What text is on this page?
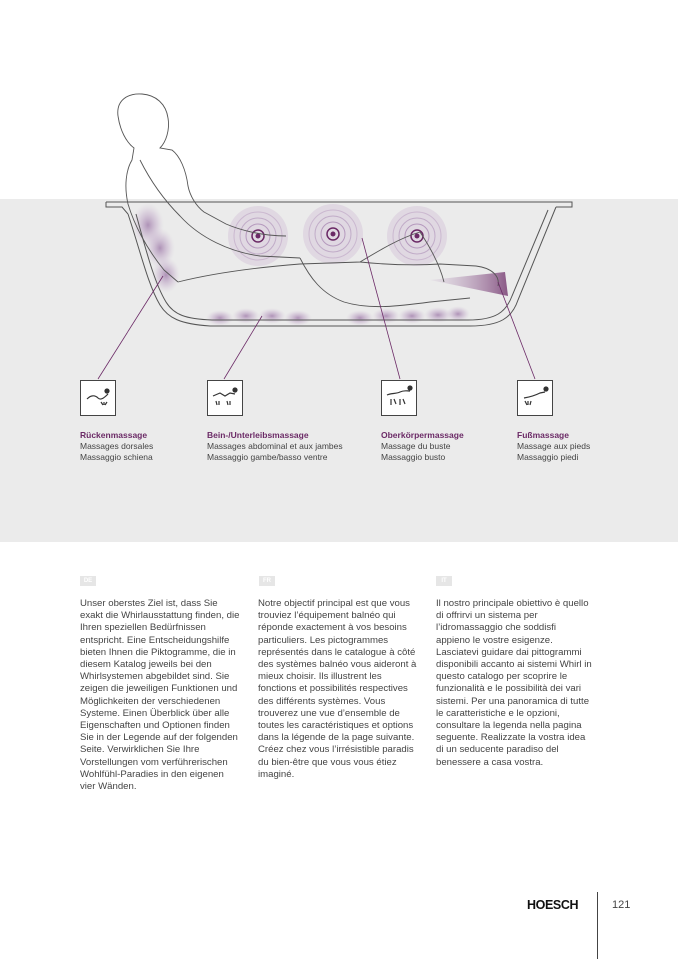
Rückenmassage
Massages dorsales
Massaggio schiena
Bein-/Unterleibsmassage
Massages abdominal et aux jambes
Massaggio gambe/basso ventre
Oberkörpermassage
Massage du buste
Massaggio busto
Fußmassage
Massage aux pieds
Massaggio piedi
DE	FR	IT

Unser oberstes Ziel ist, dass Sie exakt die Whirlausstattung finden, die Ihren speziellen Bedürfnissen entspricht. Eine Entscheidungshilfe bieten Ihnen die Piktogramme, die in diesem Katalog jeweils bei den Whirlsystemen abgebildet sind. Sie zeigen die jeweiligen Funktionen und Möglichkeiten der verschiedenen Systeme. Einen Überblick über alle Eigenschaften und Optionen finden Sie in der Legende auf der folgenden Seite. Verwirklichen Sie Ihre Vorstellungen vom verführerischen Wohlfühl-Paradies in den eigenen vier Wänden.

Notre objectif principal est que vous trouviez l’équipement balnéo qui réponde exactement à vos besoins particuliers. Les pictogrammes représentés dans le catalogue à côté des systèmes balnéo vous aideront à mieux choisir. Ils illustrent les fonctions et possibilités respectives des différents systèmes. Vous trouverez une vue d’ensemble de toutes les caractéristiques et options dans la légende de la page suivante. Créez chez vous l’irrésistible paradis du bien-être que vous vous étiez imaginé.

Il nostro principale obiettivo è quello di offrirvi un sistema per l’idromassaggio che soddisfi appieno le vostre esigenze. Lasciatevi guidare dai pittogrammi disponibili accanto ai sistemi Whirl in questo catalogo per scoprire le funzionalità e le possibilità dei vari sistemi. Per una panoramica di tutte le caratteristiche e le opzioni, consultare la legenda nella pagina seguente. Realizzate la vostra idea di un seducente paradiso del benessere a casa vostra.

HOESCH	121
